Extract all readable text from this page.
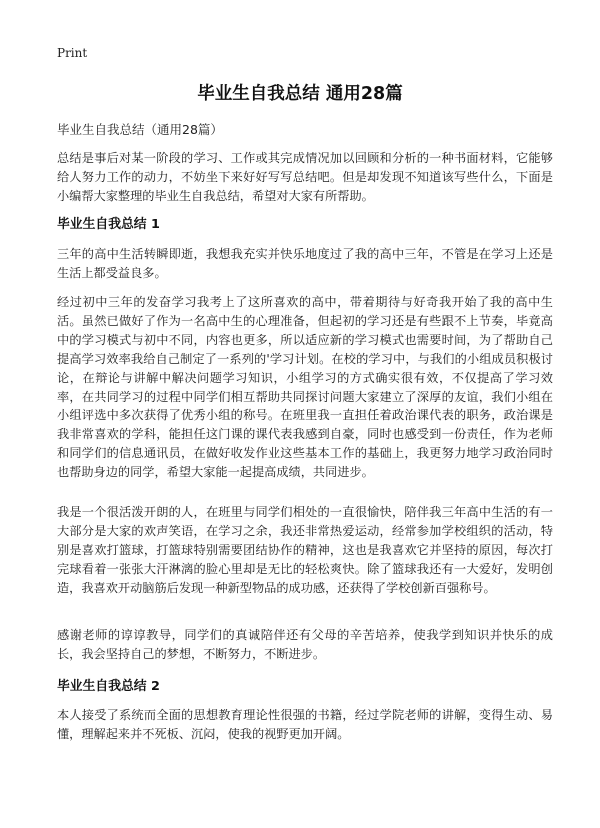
Print
毕业生自我总结 通用28篇

毕业生自我总结（通用28篇）

总结是事后对某一阶段的学习、工作或其完成情况加以回顾和分析的一种书面材料，它能够给人努力工作的动力，不妨坐下来好好写写总结吧。但是却发现不知道该写些什么，下面是小编帮大家整理的毕业生自我总结，希望对大家有所帮助。

毕业生自我总结 1

三年的高中生活转瞬即逝，我想我充实并快乐地度过了我的高中三年，不管是在学习上还是生活上都受益良多。

经过初中三年的发奋学习我考上了这所喜欢的高中，带着期待与好奇我开始了我的高中生活。虽然已做好了作为一名高中生的心理准备，但起初的学习还是有些跟不上节奏，毕竟高中的学习模式与初中不同，内容也更多，所以适应新的学习模式也需要时间，为了帮助自己提高学习效率我给自己制定了一系列的'学习计划。在校的学习中，与我们的小组成员积极讨论，在辩论与讲解中解决问题学习知识，小组学习的方式确实很有效，不仅提高了学习效率，在共同学习的过程中同学们相互帮助共同探讨问题大家建立了深厚的友谊，我们小组在小组评选中多次获得了优秀小组的称号。在班里我一直担任着政治课代表的职务，政治课是我非常喜欢的学科，能担任这门课的课代表我感到自豪，同时也感受到一份责任，作为老师和同学们的信息通讯员，在做好收发作业这些基本工作的基础上，我更努力地学习政治同时也帮助身边的同学，希望大家能一起提高成绩，共同进步。

我是一个很活泼开朗的人，在班里与同学们相处的一直很愉快，陪伴我三年高中生活的有一大部分是大家的欢声笑语，在学习之余，我还非常热爱运动，经常参加学校组织的活动，特别是喜欢打篮球，打篮球特别需要团结协作的精神，这也是我喜欢它并坚持的原因，每次打完球看着一张张大汗淋漓的脸心里却是无比的轻松爽快。除了篮球我还有一大爱好，发明创造，我喜欢开动脑筋后发现一种新型物品的成功感，还获得了学校创新百强称号。

感谢老师的谆谆教导，同学们的真诚陪伴还有父母的辛苦培养，使我学到知识并快乐的成长，我会坚持自己的梦想，不断努力，不断进步。

毕业生自我总结 2

本人接受了系统而全面的思想教育理论性很强的书籍，经过学院老师的讲解，变得生动、易懂，理解起来并不死板、沉闷，使我的视野更加开阔。
